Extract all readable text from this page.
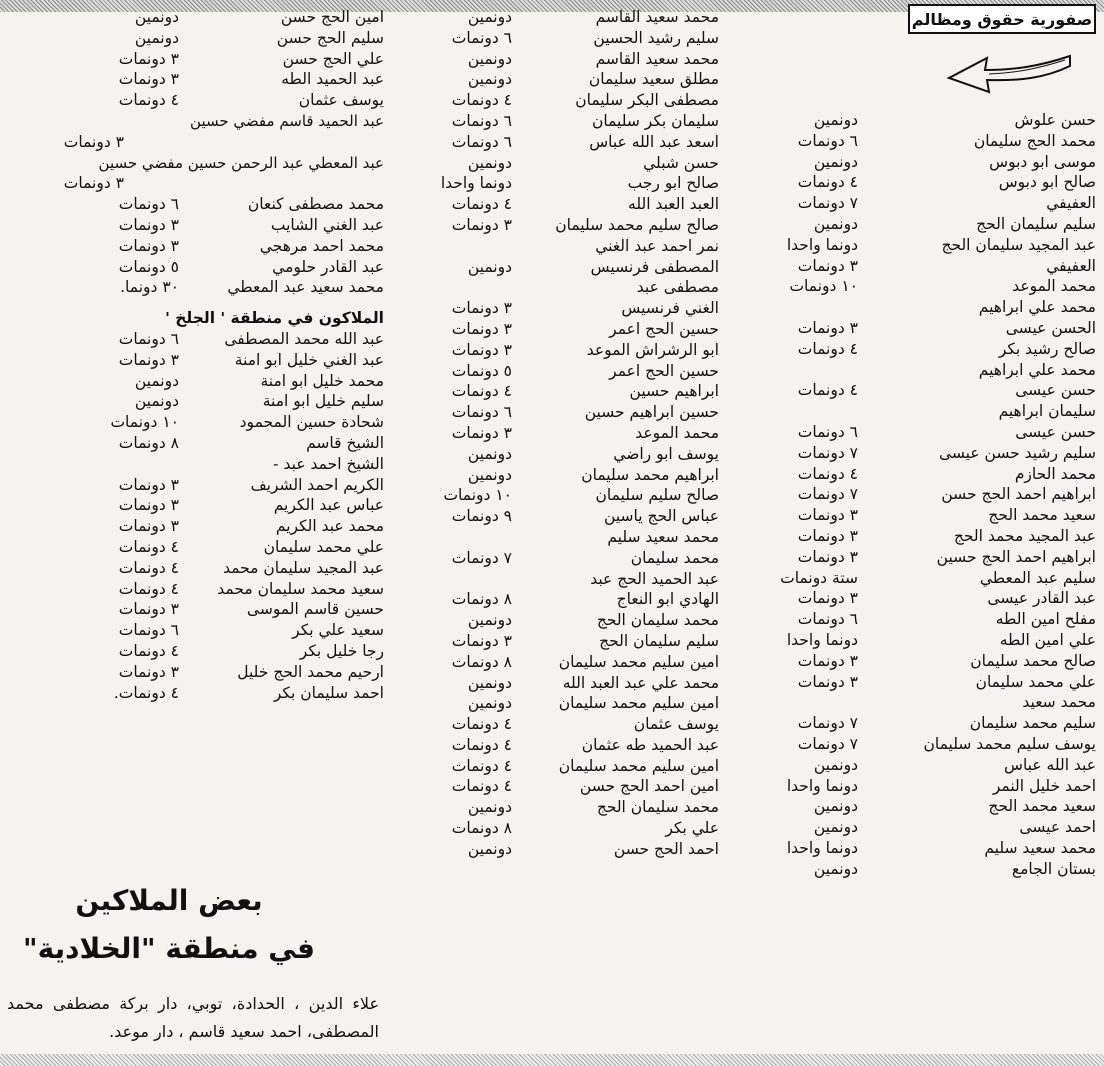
صفورية حقوق ومظالم
حسن علوش
دونمين
محمد الحج سليمان
٦ دونمات
موسى ابو دبوس
دونمين
صالح ابو دبوس
٤ دونمات
العفيفي
٧ دونمات
سليم سليمان الحج
دونمين
عبد المجيد سليمان الحج
دونما واحدا
العفيفي
٣ دونمات
محمد الموعد
١٠ دونمات
محمد علي ابراهيم
الحسن عيسى
٣ دونمات
صالح رشيد بكر
٤ دونمات
محمد علي ابراهيم
حسن عيسى
٤ دونمات
سليمان ابراهيم
حسن عيسى
٦ دونمات
سليم رشيد حسن عيسى
٧ دونمات
محمد الحازم
٤ دونمات
ابراهيم احمد الحج حسن
٧ دونمات
سعيد محمد الحج
٣ دونمات
عبد المجيد محمد الحج
٣ دونمات
ابراهيم احمد الحج حسين
٣ دونمات
سليم عبد المعطي
ستة دونمات
عبد القادر عيسى
٣ دونمات
مفلح امين الطه
٦ دونمات
علي امين الطه
دونما واحدا
صالح محمد سليمان
٣ دونمات
علي محمد سليمان
٣ دونمات
محمد سعيد
سليم محمد سليمان
٧ دونمات
يوسف سليم محمد سليمان
٧ دونمات
عبد الله عباس
دونمين
احمد خليل النمر
دونما واحدا
سعيد محمد الحج
دونمين
احمد عيسى
دونمين
محمد سعيد سليم
دونما واحدا
بستان الجامع
دونمين
محمد سعيد القاسم
دونمين
سليم رشيد الحسين
٦ دونمات
محمد سعيد القاسم
دونمين
مطلق سعيد سليمان
دونمين
مصطفى البكر سليمان
٤ دونمات
سليمان بكر سليمان
٦ دونمات
اسعد عبد الله عباس
٦ دونمات
حسن شبلي
دونمين
صالح ابو رجب
دونما واحدا
العبد العبد الله
٤ دونمات
صالح سليم محمد سليمان
٣ دونمات
نمر احمد عبد الغني
المصطفى فرنسيس
دونمين
مصطفى عبد
الغني فرنسيس
٣ دونمات
حسين الحج اعمر
٣ دونمات
ابو الرشراش الموعد
٣ دونمات
حسين الحج اعمر
٥ دونمات
ابراهيم حسين
٤ دونمات
حسين ابراهيم حسين
٦ دونمات
محمد الموعد
٣ دونمات
يوسف ابو راضي
دونمين
ابراهيم محمد سليمان
دونمين
صالح سليم سليمان
١٠ دونمات
عباس الحج ياسين
٩ دونمات
محمد سعيد سليم
محمد سليمان
٧ دونمات
عبد الحميد الحج عبد
الهادي ابو النعاج
٨ دونمات
محمد سليمان الحج
دونمين
سليم سليمان الحج
٣ دونمات
امين سليم محمد سليمان
٨ دونمات
محمد علي عبد العبد الله
دونمين
امين سليم محمد سليمان
دونمين
يوسف عثمان
٤ دونمات
عبد الحميد طه عثمان
٤ دونمات
امين سليم محمد سليمان
٤ دونمات
امين احمد الحج حسن
٤ دونمات
محمد سليمان الحج
دونمين
علي بكر
٨ دونمات
احمد الحج حسن
دونمين
امين الحج حسن
دونمين
سليم الحج حسن
دونمين
علي الحج حسن
٣ دونمات
عبد الحميد الطه
٣ دونمات
يوسف عثمان
٤ دونمات
عبد الحميد قاسم مفضي حسين
٣ دونمات
عبد المعطي عبد الرحمن حسين مفضي حسين
٣ دونمات
محمد مصطفى كنعان
٦ دونمات
عبد الغني الشايب
٣ دونمات
محمد احمد مرهجي
٣ دونمات
عبد القادر حلومي
٥ دونمات
محمد سعيد عبد المعطي
٣٠ دونما.
الملاكون في منطقة ' الجلخ '
عبد الله محمد المصطفى
٦ دونمات
عبد الغني خليل ابو امنة
٣ دونمات
محمد خليل ابو امنة
دونمين
سليم خليل ابو امنة
دونمين
شحادة حسين المحمود
١٠ دونمات
الشيخ قاسم
٨ دونمات
الشيخ احمد عبد -
الكريم احمد الشريف
٣ دونمات
عباس عبد الكريم
٣ دونمات
محمد عبد الكريم
٣ دونمات
علي محمد سليمان
٤ دونمات
عبد المجيد سليمان محمد
٤ دونمات
سعيد محمد سليمان محمد
٤ دونمات
حسين قاسم الموسى
٣ دونمات
سعيد علي بكر
٦ دونمات
رجا خليل بكر
٤ دونمات
ارحيم محمد الحج خليل
٣ دونمات
احمد سليمان بكر
٤ دونمات.
بعض الملاكين
في منطقة "الخلادية"
علاء الدين ، الحدادة، توبي، دار بركة مصطفى محمد المصطفى، احمد سعيد قاسم ، دار موعد.
